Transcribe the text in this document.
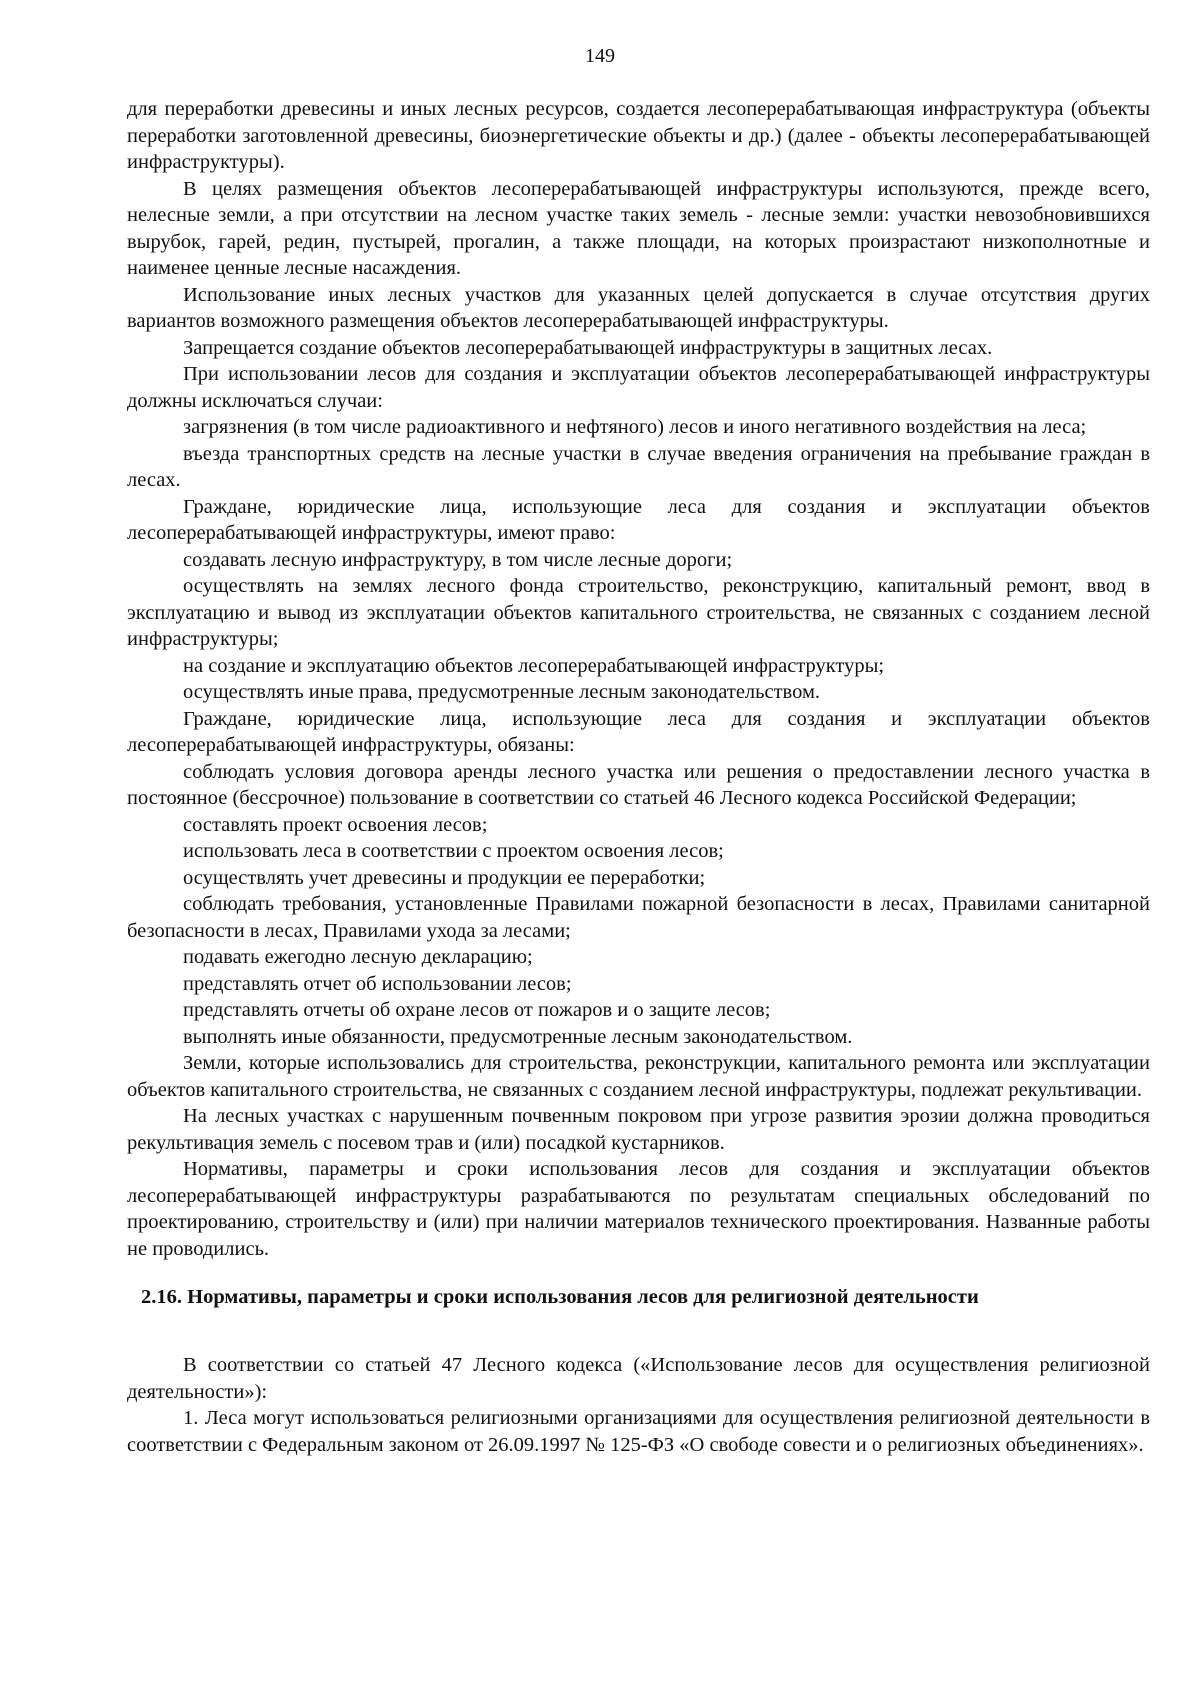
149

для переработки древесины и иных лесных ресурсов, создается лесоперерабатывающая инфраструктура (объекты переработки заготовленной древесины, биоэнергетические объекты и др.) (далее - объекты лесоперерабатывающей инфраструктуры).

В целях размещения объектов лесоперерабатывающей инфраструктуры используются, прежде всего, нелесные земли, а при отсутствии на лесном участке таких земель - лесные земли: участки невозобновившихся вырубок, гарей, редин, пустырей, прогалин, а также площади, на которых произрастают низкополнотные и наименее ценные лесные насаждения.

Использование иных лесных участков для указанных целей допускается в случае отсутствия других вариантов возможного размещения объектов лесоперерабатывающей инфраструктуры.

Запрещается создание объектов лесоперерабатывающей инфраструктуры в защитных лесах.

При использовании лесов для создания и эксплуатации объектов лесоперерабатывающей инфраструктуры должны исключаться случаи:

загрязнения (в том числе радиоактивного и нефтяного) лесов и иного негативного воздействия на леса;

въезда транспортных средств на лесные участки в случае введения ограничения на пребывание граждан в лесах.

Граждане, юридические лица, использующие леса для создания и эксплуатации объектов лесоперерабатывающей инфраструктуры, имеют право:

создавать лесную инфраструктуру, в том числе лесные дороги;

осуществлять на землях лесного фонда строительство, реконструкцию, капитальный ремонт, ввод в эксплуатацию и вывод из эксплуатации объектов капитального строительства, не связанных с созданием лесной инфраструктуры;

на создание и эксплуатацию объектов лесоперерабатывающей инфраструктуры;

осуществлять иные права, предусмотренные лесным законодательством.

Граждане, юридические лица, использующие леса для создания и эксплуатации объектов лесоперерабатывающей инфраструктуры, обязаны:

соблюдать условия договора аренды лесного участка или решения о предоставлении лесного участка в постоянное (бессрочное) пользование в соответствии со статьей 46 Лесного кодекса Российской Федерации;

составлять проект освоения лесов;

использовать леса в соответствии с проектом освоения лесов;

осуществлять учет древесины и продукции ее переработки;

соблюдать требования, установленные Правилами пожарной безопасности в лесах, Правилами санитарной безопасности в лесах, Правилами ухода за лесами;

подавать ежегодно лесную декларацию;

представлять отчет об использовании лесов;

представлять отчеты об охране лесов от пожаров и о защите лесов;

выполнять иные обязанности, предусмотренные лесным законодательством.

Земли, которые использовались для строительства, реконструкции, капитального ремонта или эксплуатации объектов капитального строительства, не связанных с созданием лесной инфраструктуры, подлежат рекультивации.

На лесных участках с нарушенным почвенным покровом при угрозе развития эрозии должна проводиться рекультивация земель с посевом трав и (или) посадкой кустарников.

Нормативы, параметры и сроки использования лесов для создания и эксплуатации объектов лесоперерабатывающей инфраструктуры разрабатываются по результатам специальных обследований по проектированию, строительству и (или) при наличии материалов технического проектирования. Названные работы не проводились.

2.16. Нормативы, параметры и сроки использования лесов для религиозной деятельности

В соответствии со статьей 47 Лесного кодекса («Использование лесов для осуществления религиозной деятельности»):

1. Леса могут использоваться религиозными организациями для осуществления религиозной деятельности в соответствии с Федеральным законом от 26.09.1997 № 125-ФЗ «О свободе совести и о религиозных объединениях».
